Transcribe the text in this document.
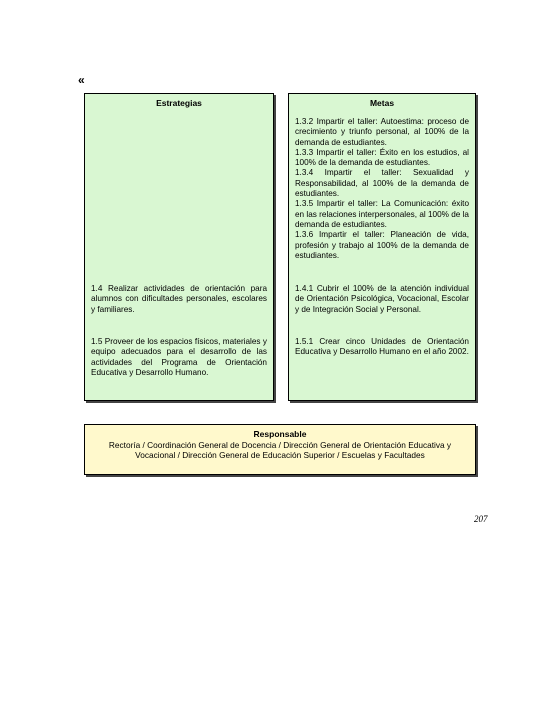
«
Estrategias
1.4 Realizar actividades de orientación para alumnos con dificultades personales, escolares y familiares.
1.5 Proveer de los espacios físicos, materiales y equipo adecuados para el desarrollo de las actividades del Programa de Orientación Educativa y Desarrollo Humano.
Metas
1.3.2 Impartir el taller: Autoestima: proceso de crecimiento y triunfo personal, al 100% de la demanda de estudiantes.
1.3.3 Impartir el taller: Éxito en los estudios, al 100% de la demanda de estudiantes.
1.3.4 Impartir el taller: Sexualidad y Responsabilidad, al 100% de la demanda de estudiantes.
1.3.5 Impartir el taller: La Comunicación: éxito en las relaciones interpersonales, al 100% de la demanda de estudiantes.
1.3.6 Impartir el taller: Planeación de vida, profesión y trabajo al 100% de la demanda de estudiantes.
1.4.1 Cubrir el 100% de la atención individual de Orientación Psicológica, Vocacional, Escolar y de Integración Social y Personal.
1.5.1 Crear cinco Unidades de Orientación Educativa y Desarrollo Humano en el año 2002.
Responsable
Rectoría / Coordinación General de Docencia / Dirección General de Orientación Educativa y Vocacional / Dirección General de Educación Superior / Escuelas y Facultades
207
